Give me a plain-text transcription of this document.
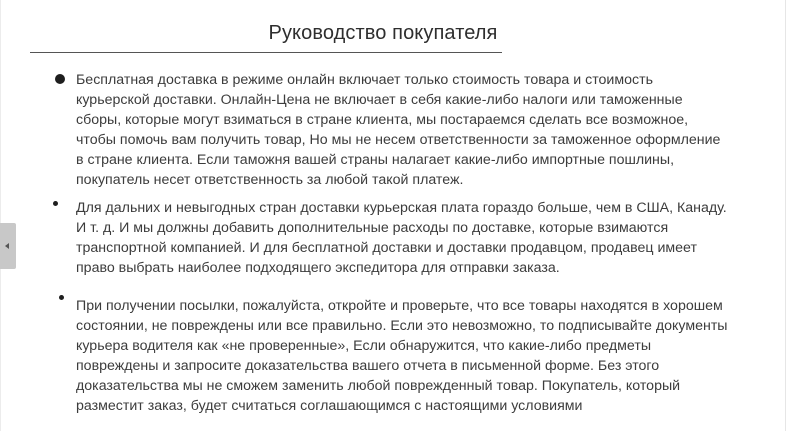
Руководство покупателя
Бесплатная доставка в режиме онлайн включает только стоимость товара и стоимость курьерской доставки. Онлайн-Цена не включает в себя какие-либо налоги или таможенные сборы, которые могут взиматься в стране клиента, мы постараемся сделать все возможное, чтобы помочь вам получить товар, Но мы не несем ответственности за таможенное оформление в стране клиента. Если таможня вашей страны налагает какие-либо импортные пошлины, покупатель несет ответственность за любой такой платеж.
Для дальних и невыгодных стран доставки курьерская плата гораздо больше, чем в США, Канаду. И т. д. И мы должны добавить дополнительные расходы по доставке, которые взимаются транспортной компанией. И для бесплатной доставки и доставки продавцом, продавец имеет право выбрать наиболее подходящего экспедитора для отправки заказа.
При получении посылки, пожалуйста, откройте и проверьте, что все товары находятся в хорошем состоянии, не повреждены или все правильно. Если это невозможно, то подписывайте документы курьера водителя как «не проверенные», Если обнаружится, что какие-либо предметы повреждены и запросите доказательства вашего отчета в письменной форме. Без этого доказательства мы не сможем заменить любой поврежденный товар. Покупатель, который разместит заказ, будет считаться соглашающимся с настоящими условиями
